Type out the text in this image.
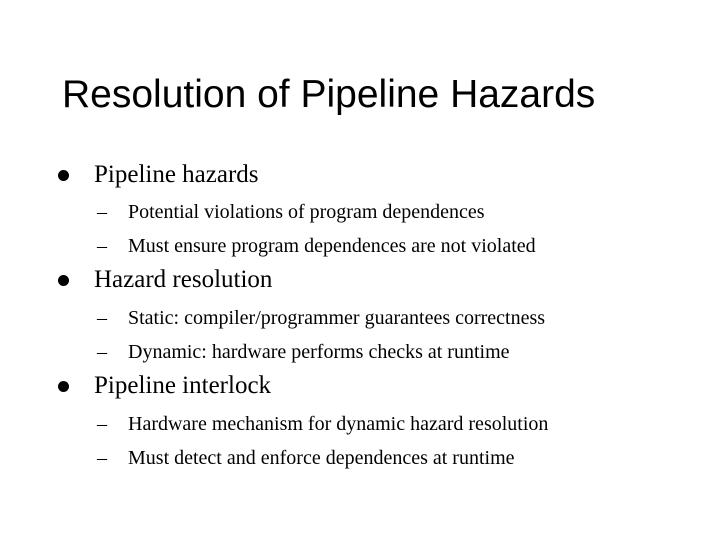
Resolution of Pipeline Hazards
Pipeline hazards
–	Potential violations of program dependences
–	Must ensure program dependences are not violated
Hazard resolution
–	Static: compiler/programmer guarantees correctness
–	Dynamic: hardware performs checks at runtime
Pipeline interlock
–	Hardware mechanism for dynamic hazard resolution
–	Must detect and enforce dependences at runtime
